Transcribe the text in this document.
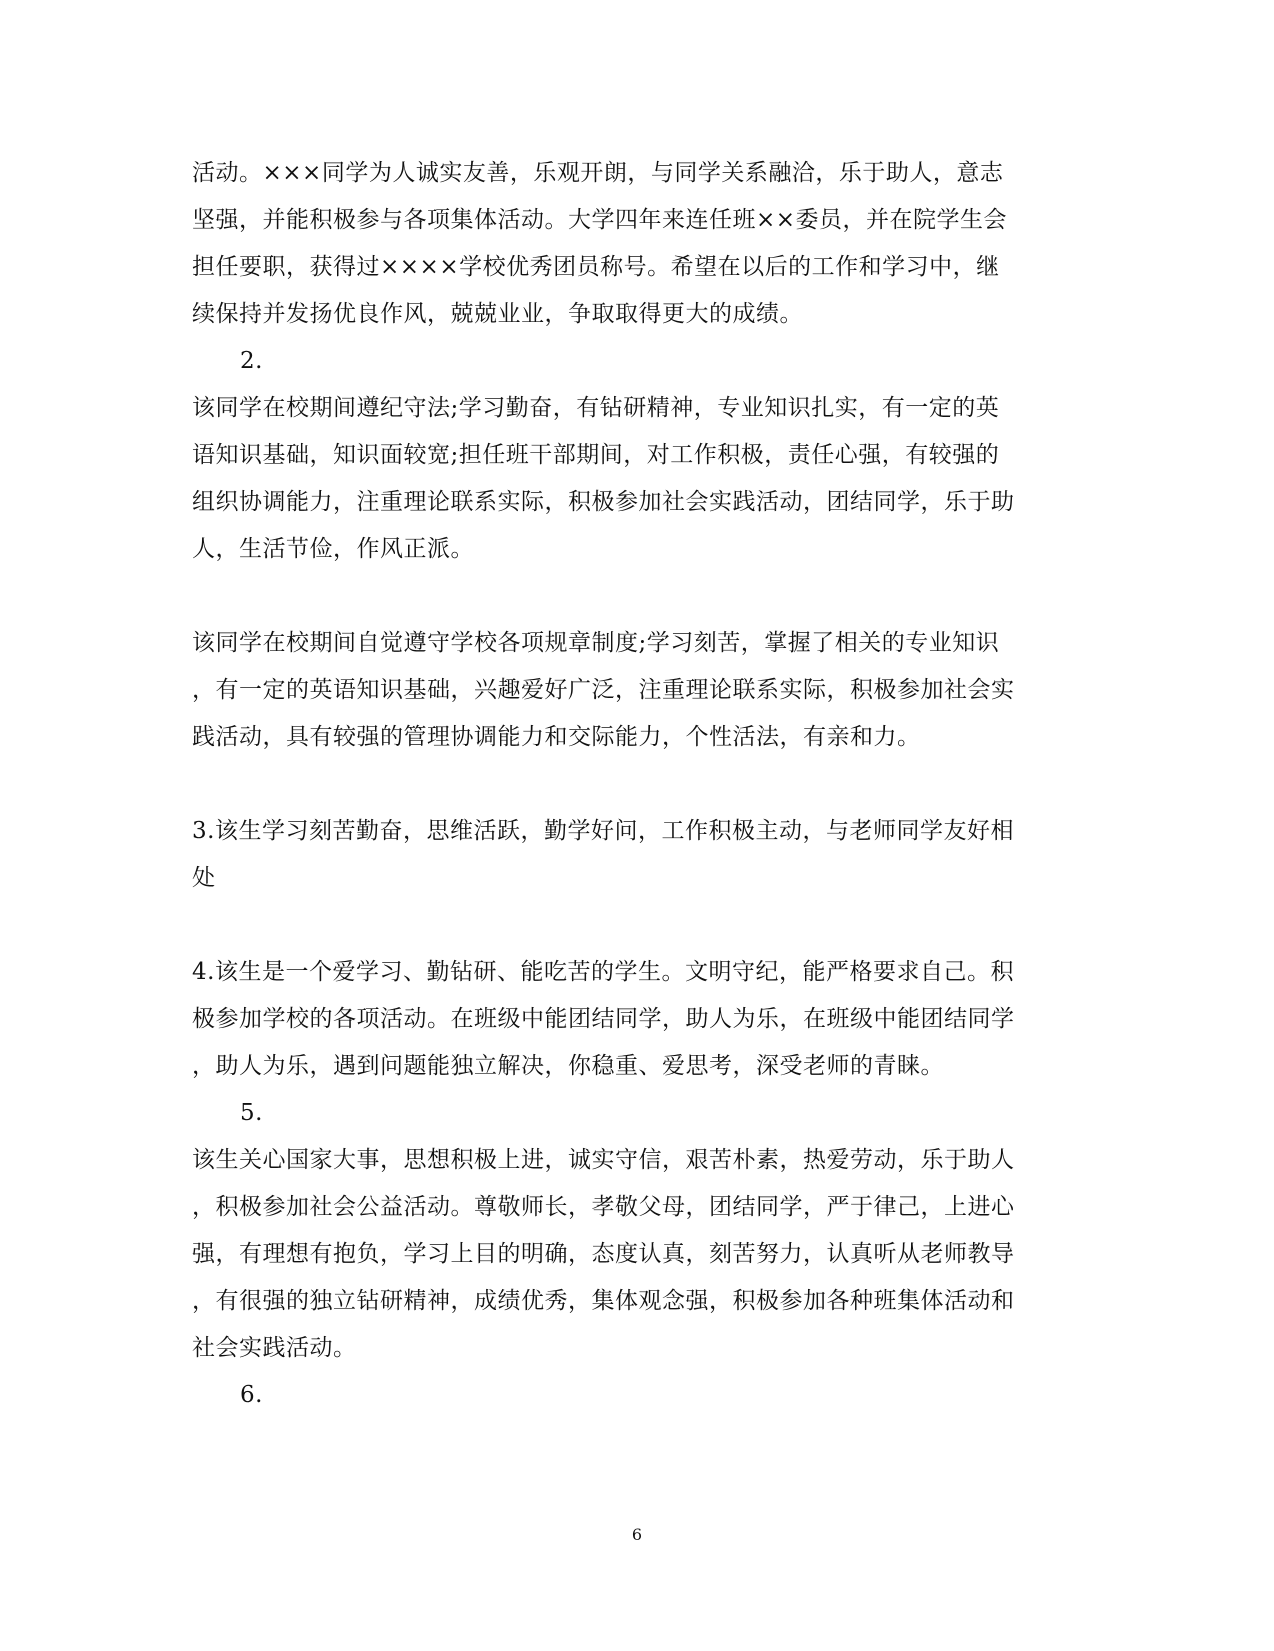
活动。×××同学为人诚实友善，乐观开朗，与同学关系融洽，乐于助人，意志
坚强，并能积极参与各项集体活动。大学四年来连任班××委员，并在院学生会
担任要职，获得过××××学校优秀团员称号。希望在以后的工作和学习中，继
续保持并发扬优良作风，兢兢业业，争取取得更大的成绩。
2.
该同学在校期间遵纪守法;学习勤奋，有钻研精神，专业知识扎实，有一定的英
语知识基础，知识面较宽;担任班干部期间，对工作积极，责任心强，有较强的
组织协调能力，注重理论联系实际，积极参加社会实践活动，团结同学，乐于助
人，生活节俭，作风正派。
该同学在校期间自觉遵守学校各项规章制度;学习刻苦，掌握了相关的专业知识
，有一定的英语知识基础，兴趣爱好广泛，注重理论联系实际，积极参加社会实
践活动，具有较强的管理协调能力和交际能力，个性活法，有亲和力。
3.该生学习刻苦勤奋，思维活跃，勤学好问，工作积极主动，与老师同学友好相
处
4.该生是一个爱学习、勤钻研、能吃苦的学生。文明守纪，能严格要求自己。积
极参加学校的各项活动。在班级中能团结同学，助人为乐，在班级中能团结同学
，助人为乐，遇到问题能独立解决，你稳重、爱思考，深受老师的青睐。
5.
该生关心国家大事，思想积极上进，诚实守信，艰苦朴素，热爱劳动，乐于助人
，积极参加社会公益活动。尊敬师长，孝敬父母，团结同学，严于律己，上进心
强，有理想有抱负，学习上目的明确，态度认真，刻苦努力，认真听从老师教导
，有很强的独立钻研精神，成绩优秀，集体观念强，积极参加各种班集体活动和
社会实践活动。
6.
6
